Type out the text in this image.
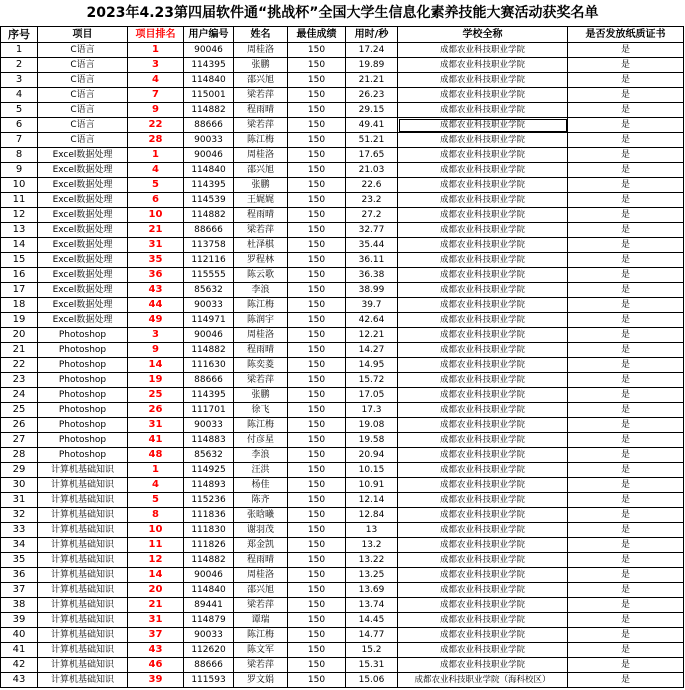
2023年4.23第四届软件通“挑战杯”全国大学生信息化素养技能大赛活动获奖名单
序号	项目	项目排名	用户编号	姓名	最佳成绩	用时/秒	学校全称	是否发放纸质证书
1	C语言	1	90046	周桂洛	150	17.24	成都农业科技职业学院	是
2	C语言	3	114395	张鹏	150	19.89	成都农业科技职业学院	是
3	C语言	4	114840	邵兴旭	150	21.21	成都农业科技职业学院	是
4	C语言	7	115001	梁若萍	150	26.23	成都农业科技职业学院	是
5	C语言	9	114882	程雨晴	150	29.15	成都农业科技职业学院	是
6	C语言	22	88666	梁若萍	150	49.41	成都农业科技职业学院	是
7	C语言	28	90033	陈江梅	150	51.21	成都农业科技职业学院	是
8	Excel数据处理	1	90046	周桂洛	150	17.65	成都农业科技职业学院	是
9	Excel数据处理	4	114840	邵兴旭	150	21.03	成都农业科技职业学院	是
10	Excel数据处理	5	114395	张鹏	150	22.6	成都农业科技职业学院	是
11	Excel数据处理	6	114539	王娓娓	150	23.2	成都农业科技职业学院	是
12	Excel数据处理	10	114882	程雨晴	150	27.2	成都农业科技职业学院	是
13	Excel数据处理	21	88666	梁若萍	150	32.77	成都农业科技职业学院	是
14	Excel数据处理	31	113758	杜泽棋	150	35.44	成都农业科技职业学院	是
15	Excel数据处理	35	112116	罗程林	150	36.11	成都农业科技职业学院	是
16	Excel数据处理	36	115555	陈云歌	150	36.38	成都农业科技职业学院	是
17	Excel数据处理	43	85632	李浪	150	38.99	成都农业科技职业学院	是
18	Excel数据处理	44	90033	陈江梅	150	39.7	成都农业科技职业学院	是
19	Excel数据处理	49	114971	陈润宇	150	42.64	成都农业科技职业学院	是
20	Photoshop	3	90046	周桂洛	150	12.21	成都农业科技职业学院	是
21	Photoshop	9	114882	程雨晴	150	14.27	成都农业科技职业学院	是
22	Photoshop	14	111630	陈奕菱	150	14.95	成都农业科技职业学院	是
23	Photoshop	19	88666	梁若萍	150	15.72	成都农业科技职业学院	是
24	Photoshop	25	114395	张鹏	150	17.05	成都农业科技职业学院	是
25	Photoshop	26	111701	徐飞	150	17.3	成都农业科技职业学院	是
26	Photoshop	31	90033	陈江梅	150	19.08	成都农业科技职业学院	是
27	Photoshop	41	114883	付彦星	150	19.58	成都农业科技职业学院	是
28	Photoshop	48	85632	李浪	150	20.94	成都农业科技职业学院	是
29	计算机基础知识	1	114925	汪洪	150	10.15	成都农业科技职业学院	是
30	计算机基础知识	4	114893	杨佳	150	10.91	成都农业科技职业学院	是
31	计算机基础知识	5	115236	陈齐	150	12.14	成都农业科技职业学院	是
32	计算机基础知识	8	111836	张晗曦	150	12.84	成都农业科技职业学院	是
33	计算机基础知识	10	111830	谢羽茂	150	13	成都农业科技职业学院	是
34	计算机基础知识	11	111826	郑金凯	150	13.2	成都农业科技职业学院	是
35	计算机基础知识	12	114882	程雨晴	150	13.22	成都农业科技职业学院	是
36	计算机基础知识	14	90046	周桂洛	150	13.25	成都农业科技职业学院	是
37	计算机基础知识	20	114840	邵兴旭	150	13.69	成都农业科技职业学院	是
38	计算机基础知识	21	89441	梁若萍	150	13.74	成都农业科技职业学院	是
39	计算机基础知识	31	114879	谭瑞	150	14.45	成都农业科技职业学院	是
40	计算机基础知识	37	90033	陈江梅	150	14.77	成都农业科技职业学院	是
41	计算机基础知识	43	112620	陈文军	150	15.2	成都农业科技职业学院	是
42	计算机基础知识	46	88666	梁若萍	150	15.31	成都农业科技职业学院	是
43	计算机基础知识	39	111593	罗文娟	150	15.06	成都农业科技职业学院（海科校区）	是
